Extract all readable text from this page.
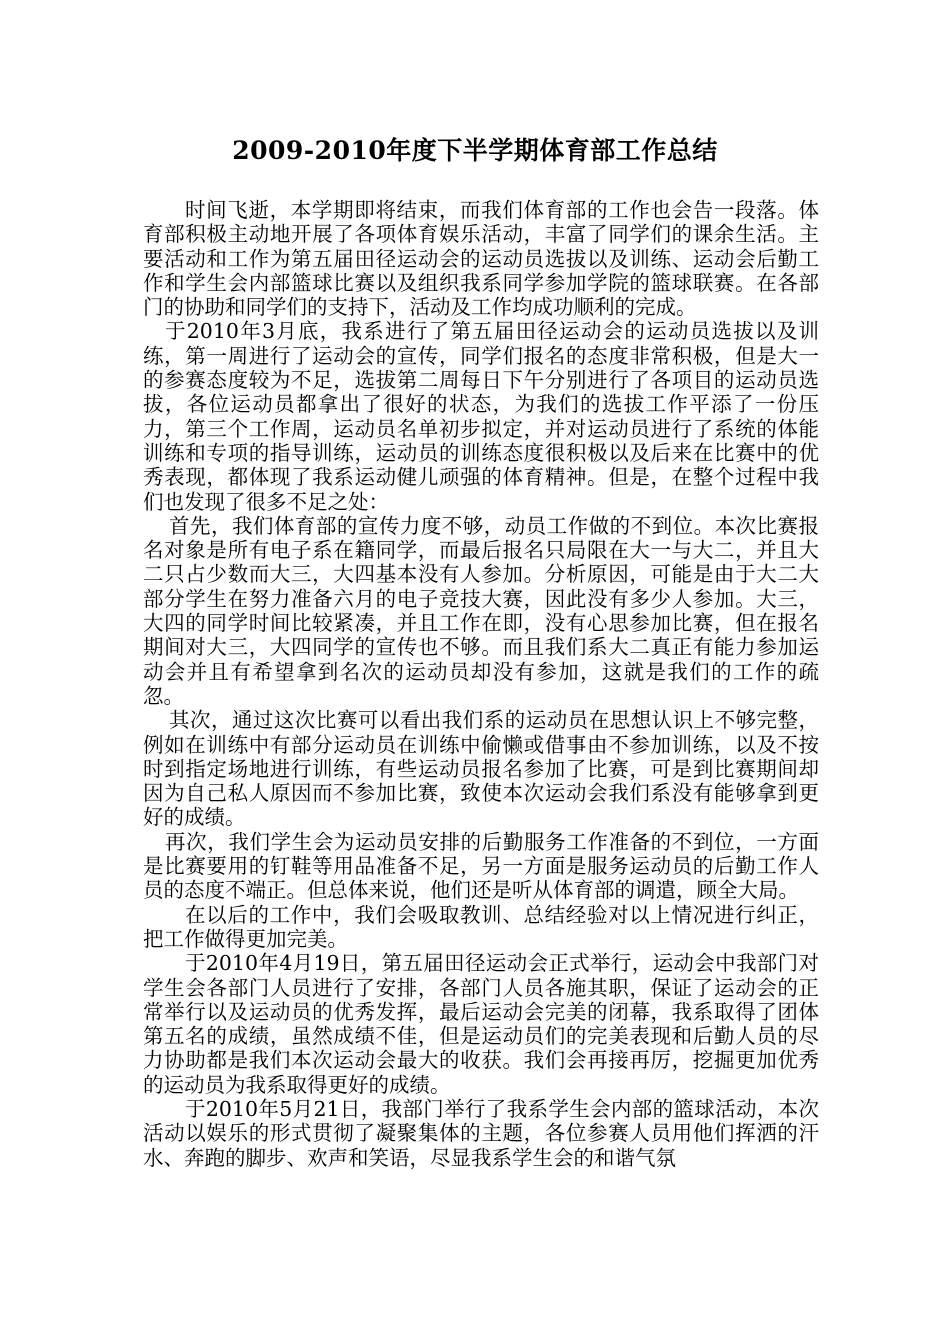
2009-2010年度下半学期体育部工作总结

时间飞逝，本学期即将结束，而我们体育部的工作也会告一段落。体育部积极主动地开展了各项体育娱乐活动，丰富了同学们的课余生活。主要活动和工作为第五届田径运动会的运动员选拔以及训练、运动会后勤工作和学生会内部篮球比赛以及组织我系同学参加学院的篮球联赛。在各部门的协助和同学们的支持下，活动及工作均成功顺利的完成。

于2010年3月底，我系进行了第五届田径运动会的运动员选拔以及训练，第一周进行了运动会的宣传，同学们报名的态度非常积极，但是大一的参赛态度较为不足，选拔第二周每日下午分别进行了各项目的运动员选拔，各位运动员都拿出了很好的状态，为我们的选拔工作平添了一份压力，第三个工作周，运动员名单初步拟定，并对运动员进行了系统的体能训练和专项的指导训练，运动员的训练态度很积极以及后来在比赛中的优秀表现，都体现了我系运动健儿顽强的体育精神。但是，在整个过程中我们也发现了很多不足之处：

首先，我们体育部的宣传力度不够，动员工作做的不到位。本次比赛报名对象是所有电子系在籍同学，而最后报名只局限在大一与大二，并且大二只占少数而大三，大四基本没有人参加。分析原因，可能是由于大二大部分学生在努力准备六月的电子竞技大赛，因此没有多少人参加。大三，大四的同学时间比较紧凑，并且工作在即，没有心思参加比赛，但在报名期间对大三，大四同学的宣传也不够。而且我们系大二真正有能力参加运动会并且有希望拿到名次的运动员却没有参加，这就是我们的工作的疏忽。

其次，通过这次比赛可以看出我们系的运动员在思想认识上不够完整，例如在训练中有部分运动员在训练中偷懒或借事由不参加训练，以及不按时到指定场地进行训练，有些运动员报名参加了比赛，可是到比赛期间却因为自己私人原因而不参加比赛，致使本次运动会我们系没有能够拿到更好的成绩。

再次，我们学生会为运动员安排的后勤服务工作准备的不到位，一方面是比赛要用的钉鞋等用品准备不足，另一方面是服务运动员的后勤工作人员的态度不端正。但总体来说，他们还是听从体育部的调遣，顾全大局。

在以后的工作中，我们会吸取教训、总结经验对以上情况进行纠正，把工作做得更加完美。

于2010年4月19日，第五届田径运动会正式举行，运动会中我部门对学生会各部门人员进行了安排，各部门人员各施其职，保证了运动会的正常举行以及运动员的优秀发挥，最后运动会完美的闭幕，我系取得了团体第五名的成绩，虽然成绩不佳，但是运动员们的完美表现和后勤人员的尽力协助都是我们本次运动会最大的收获。我们会再接再厉，挖掘更加优秀的运动员为我系取得更好的成绩。

于2010年5月21日，我部门举行了我系学生会内部的篮球活动，本次活动以娱乐的形式贯彻了凝聚集体的主题，各位参赛人员用他们挥洒的汗水、奔跑的脚步、欢声和笑语，尽显我系学生会的和谐气氛
